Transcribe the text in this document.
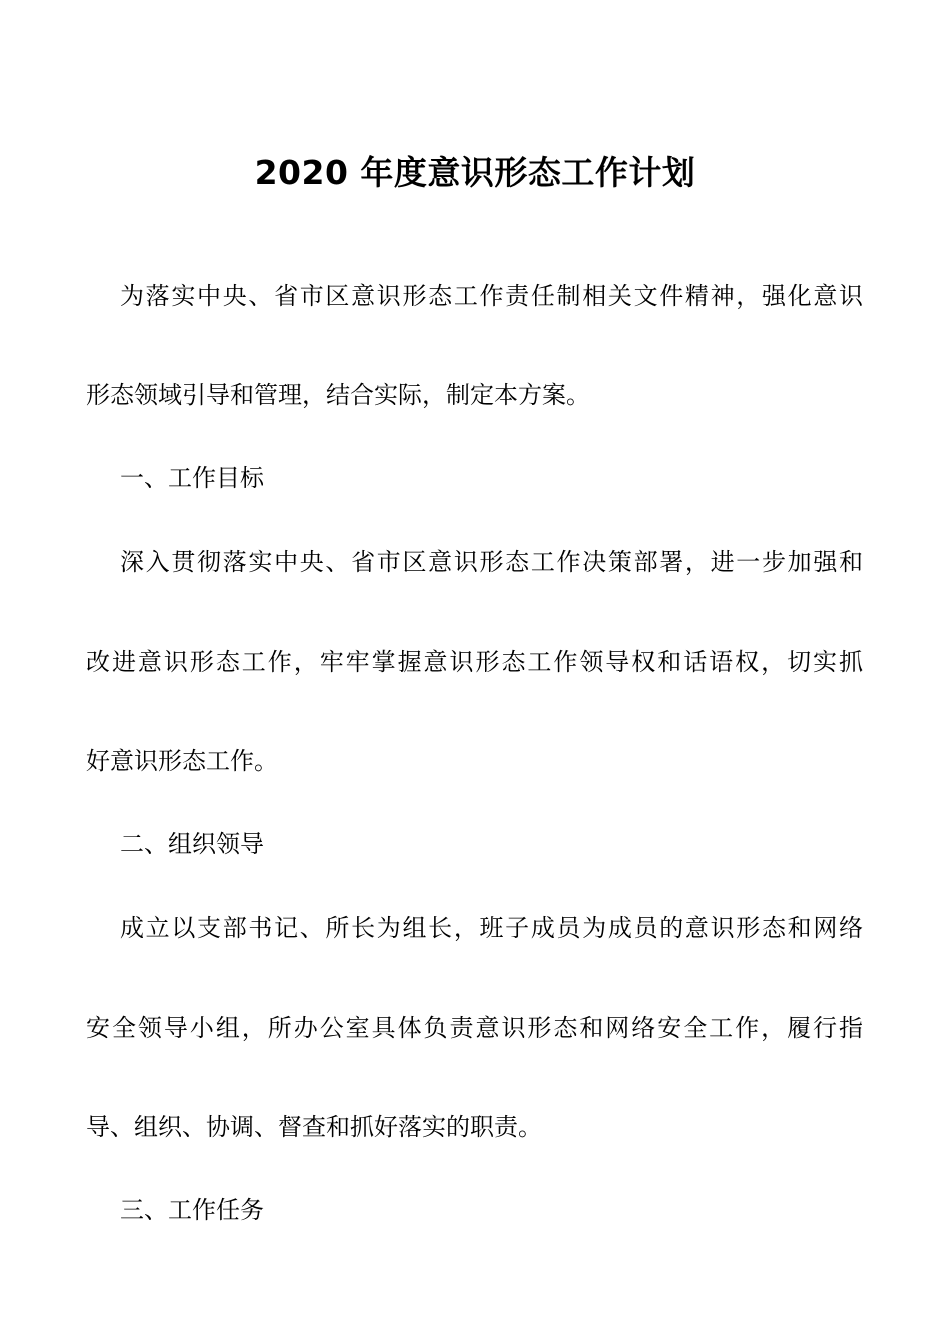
2020 年度意识形态工作计划

为落实中央、省市区意识形态工作责任制相关文件精神，强化意识

形态领域引导和管理，结合实际，制定本方案。

一、工作目标

深入贯彻落实中央、省市区意识形态工作决策部署，进一步加强和

改进意识形态工作，牢牢掌握意识形态工作领导权和话语权，切实抓

好意识形态工作。

二、组织领导

成立以支部书记、所长为组长，班子成员为成员的意识形态和网络

安全领导小组，所办公室具体负责意识形态和网络安全工作，履行指

导、组织、协调、督查和抓好落实的职责。

三、工作任务
